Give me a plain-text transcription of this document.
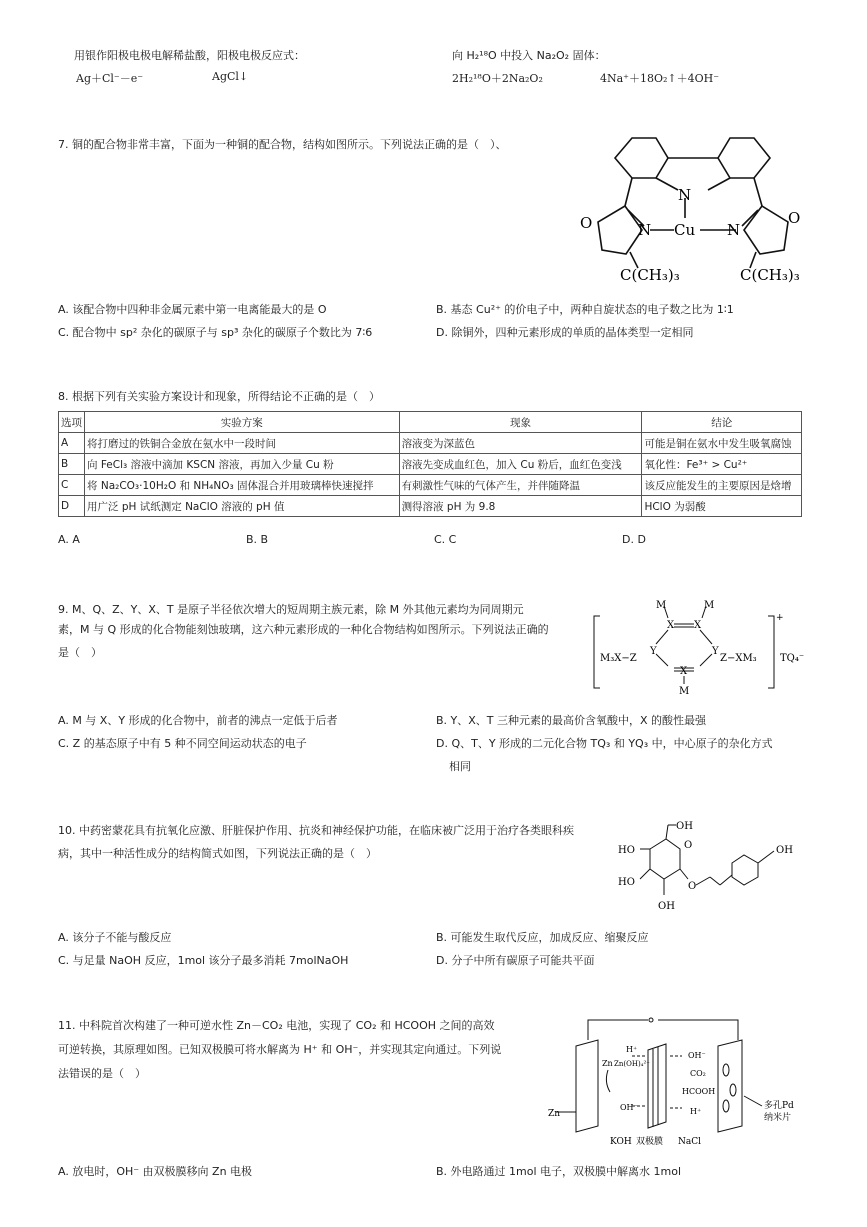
用银作阳极电极电解稀盐酸，阳极电极反应式：
Ag＋Cl⁻－e⁻	AgCl↓
向 H₂¹⁸O 中投入 Na₂O₂ 固体：
2H₂¹⁸O＋2Na₂O₂	4Na⁺＋18O₂↑＋4OH⁻
7. 铜的配合物非常丰富，下面为一种铜的配合物，结构如图所示。下列说法正确的是（　）、
N
O	O
N	N
Cu
C(CH₃)₃	C(CH₃)₃
A. 该配合物中四种非金属元素中第一电离能最大的是 O	B. 基态 Cu²⁺ 的价电子中，两种自旋状态的电子数之比为 1∶1
C. 配合物中 sp² 杂化的碳原子与 sp³ 杂化的碳原子个数比为 7∶6	D. 除铜外，四种元素形成的单质的晶体类型一定相同
8. 根据下列有关实验方案设计和现象，所得结论不正确的是（　）
选项	实验方案	现象	结论
A	将打磨过的铁铜合金放在氨水中一段时间	溶液变为深蓝色	可能是铜在氨水中发生吸氧腐蚀
B	向 FeCl₃ 溶液中滴加 KSCN 溶液，再加入少量 Cu 粉	溶液先变成血红色，加入 Cu 粉后，血红色变浅	氧化性：Fe³⁺ > Cu²⁺
C	将 Na₂CO₃·10H₂O 和 NH₄NO₃ 固体混合并用玻璃棒快速搅拌	有刺激性气味的气体产生，并伴随降温	该反应能发生的主要原因是焓增
D	用广泛 pH 试纸测定 NaClO 溶液的 pH 值	测得溶液 pH 为 9.8	HClO 为弱酸
A. A	B. B	C. C	D. D
9. M、Q、Z、Y、X、T 是原子半径依次增大的短周期主族元素，除 M 外其他元素均为同周期元
素，M 与 Q 形成的化合物能刻蚀玻璃，这六种元素形成的一种化合物结构如图所示。下列说法正确的
是（　）
M	M
X X
Y	Y
X
M
M₃X−Z	Z−XM₃
+
TQ₄⁻
A. M 与 X、Y 形成的化合物中，前者的沸点一定低于后者	B. Y、X、T 三种元素的最高价含氧酸中，X 的酸性最强
C. Z 的基态原子中有 5 种不同空间运动状态的电子	D. Q、T、Y 形成的二元化合物 TQ₃ 和 YQ₃ 中，中心原子的杂化方式
相同
10. 中药密蒙花具有抗氧化应激、肝脏保护作用、抗炎和神经保护功能，在临床被广泛用于治疗各类眼科疾
病，其中一种活性成分的结构简式如图，下列说法正确的是（　）
OH
HO
HO
OH
O
O
OH
A. 该分子不能与酸反应	B. 可能发生取代反应，加成反应、缩聚反应
C. 与足量 NaOH 反应，1mol 该分子最多消耗 7molNaOH	D. 分子中所有碳原子可能共平面
11. 中科院首次构建了一种可逆水性 Zn－CO₂ 电池，实现了 CO₂ 和 HCOOH 之间的高效
可逆转换，其原理如图。已知双极膜可将水解离为 H⁺ 和 OH⁻，并实现其定向通过。下列说
法错误的是（　）
Zn
Zn Zn(OH)₄²⁻
H⁺
OH⁻
CO₂
HCOOH
OH⁻	H⁺
KOH 双极膜 NaCl
多孔Pd
纳米片
A. 放电时，OH⁻ 由双极膜移向 Zn 电极	B. 外电路通过 1mol 电子，双极膜中解离水 1mol
